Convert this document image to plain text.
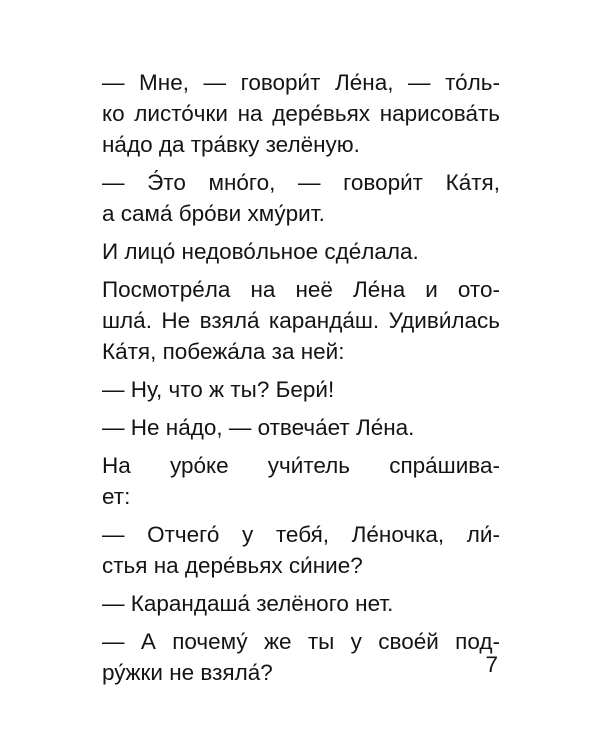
— Мне, — говори́т Ле́на, — то́ль-
ко листо́чки на дере́вьях нарисова́ть
на́до да тра́вку зелёную.
— Э́то мно́го, — говори́т Ка́тя,
а сама́ бро́ви хму́рит.
И лицо́ недово́льное сде́лала.
Посмотре́ла на неё Ле́на и ото-
шла́. Не взяла́ каранда́ш. Удиви́лась
Ка́тя, побежа́ла за ней:
— Ну, что ж ты? Бери́!
— Не на́до, — отвеча́ет Ле́на.
На уро́ке учи́тель спра́шива-
ет:
— Отчего́ у тебя́, Ле́ночка, ли́-
стья на дере́вьях си́ние?
— Карандаша́ зелёного нет.
— А почему́ же ты у свое́й под-
ру́жки не взяла́?	7
